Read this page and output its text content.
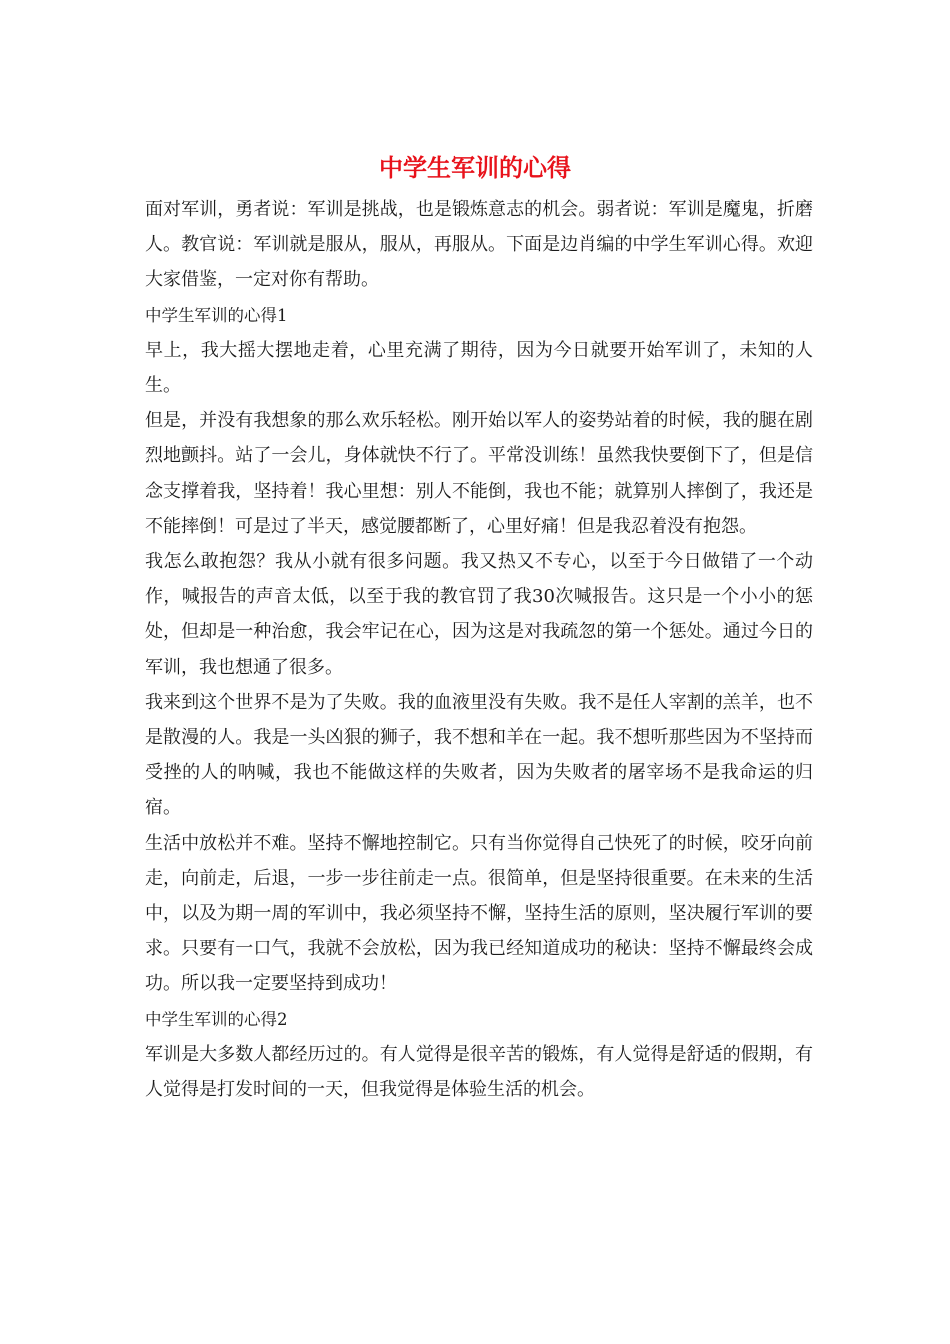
中学生军训的心得

面对军训，勇者说：军训是挑战，也是锻炼意志的机会。弱者说：军训是魔鬼，折磨人。教官说：军训就是服从，服从，再服从。下面是边肖编的中学生军训心得。欢迎大家借鉴，一定对你有帮助。

中学生军训的心得1

早上，我大摇大摆地走着，心里充满了期待，因为今日就要开始军训了，未知的人生。

但是，并没有我想象的那么欢乐轻松。刚开始以军人的姿势站着的时候，我的腿在剧烈地颤抖。站了一会儿，身体就快不行了。平常没训练！虽然我快要倒下了，但是信念支撑着我，坚持着！我心里想：别人不能倒，我也不能；就算别人摔倒了，我还是不能摔倒！可是过了半天，感觉腰都断了，心里好痛！但是我忍着没有抱怨。

我怎么敢抱怨？我从小就有很多问题。我又热又不专心，以至于今日做错了一个动作，喊报告的声音太低，以至于我的教官罚了我30次喊报告。这只是一个小小的惩处，但却是一种治愈，我会牢记在心，因为这是对我疏忽的第一个惩处。通过今日的军训，我也想通了很多。

我来到这个世界不是为了失败。我的血液里没有失败。我不是任人宰割的羔羊，也不是散漫的人。我是一头凶狠的狮子，我不想和羊在一起。我不想听那些因为不坚持而受挫的人的呐喊，我也不能做这样的失败者，因为失败者的屠宰场不是我命运的归宿。

生活中放松并不难。坚持不懈地控制它。只有当你觉得自己快死了的时候，咬牙向前走，向前走，后退，一步一步往前走一点。很简单，但是坚持很重要。在未来的生活中，以及为期一周的军训中，我必须坚持不懈，坚持生活的原则，坚决履行军训的要求。只要有一口气，我就不会放松，因为我已经知道成功的秘诀：坚持不懈最终会成功。所以我一定要坚持到成功！

中学生军训的心得2

军训是大多数人都经历过的。有人觉得是很辛苦的锻炼，有人觉得是舒适的假期，有人觉得是打发时间的一天，但我觉得是体验生活的机会。
